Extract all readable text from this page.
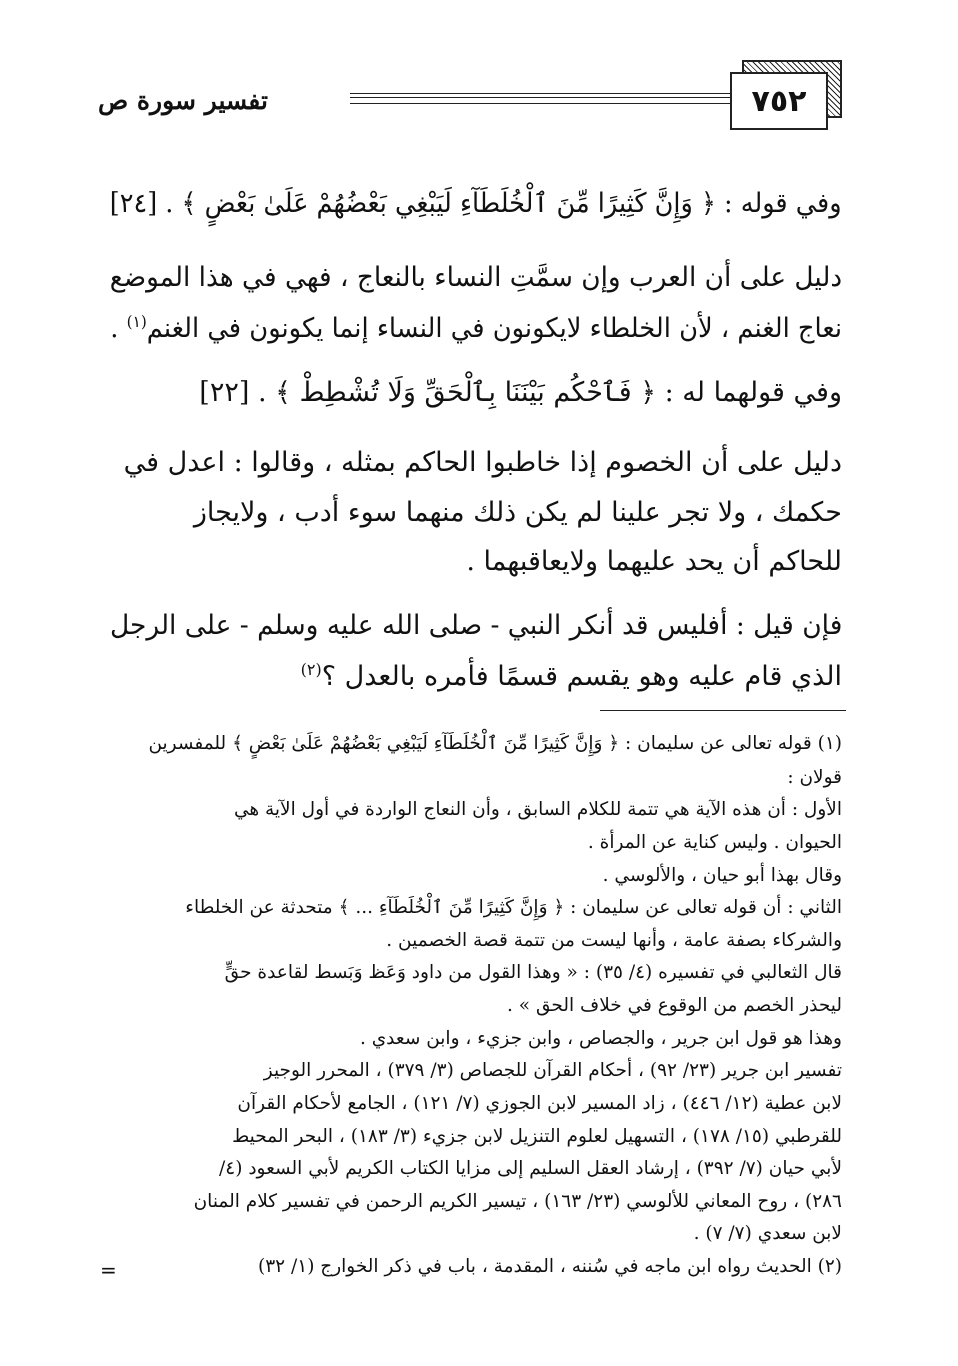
تفسير سورة ص	٧٥٢
وفي قوله : ﴿ وَإِنَّ كَثِيرًا مِّنَ ٱلْخُلَطَآءِ لَيَبْغِي بَعْضُهُمْ عَلَىٰ بَعْضٍ ﴾ . [٢٤]
دليل على أن العرب وإن سمَّتِ النساء بالنعاج ، فهي في هذا الموضع
نعاج الغنم ، لأن الخلطاء لايكونون في النساء إنما يكونون في الغنم$^{(١)}$ .
وفي قولهما له : ﴿ فَٱحْكُم بَيْنَنَا بِٱلْحَقِّ وَلَا تُشْطِطْ ﴾ . [٢٢]
دليل على أن الخصوم إذا خاطبوا الحاكم بمثله ، وقالوا : اعدل في
حكمك ، ولا تجر علينا لم يكن ذلك منهما سوء أدب ، ولايجاز
للحاكم أن يحد عليهما ولايعاقبهما .
فإن قيل : أفليس قد أنكر النبي - صلى الله عليه وسلم - على الرجل
الذي قام عليه وهو يقسم قسمًا فأمره بالعدل ؟$^{(٢)}$
(١) قوله تعالى عن سليمان : ﴿ وَإِنَّ كَثِيرًا مِّنَ ٱلْخُلَطَآءِ لَيَبْغِي بَعْضُهُمْ عَلَىٰ بَعْضٍ ﴾ للمفسرين
قولان :
الأول : أن هذه الآية هي تتمة للكلام السابق ، وأن النعاج الواردة في أول الآية هي
الحيوان . وليس كناية عن المرأة .
وقال بهذا أبو حيان ، والألوسي .
الثاني : أن قوله تعالى عن سليمان : ﴿ وَإِنَّ كَثِيرًا مِّنَ ٱلْخُلَطَآءِ ... ﴾ متحدثة عن الخلطاء
والشركاء بصفة عامة ، وأنها ليست من تتمة قصة الخصمين .
قال الثعالبي في تفسيره (٤/ ٣٥) : « وهذا القول من داود وَعَظ وَبَسط لقاعدة حقٍّ
ليحذر الخصم من الوقوع في خلاف الحق » .
وهذا هو قول ابن جرير ، والجصاص ، وابن جزيء ، وابن سعدي .
تفسير ابن جرير (٢٣/ ٩٢) ، أحكام القرآن للجصاص (٣/ ٣٧٩) ، المحرر الوجيز
لابن عطية (١٢/ ٤٤٦) ، زاد المسير لابن الجوزي (٧/ ١٢١) ، الجامع لأحكام القرآن
للقرطبي (١٥/ ١٧٨) ، التسهيل لعلوم التنزيل لابن جزيء (٣/ ١٨٣) ، البحر المحيط
لأبي حيان (٧/ ٣٩٢) ، إرشاد العقل السليم إلى مزايا الكتاب الكريم لأبي السعود (٤/
٢٨٦) ، روح المعاني للألوسي (٢٣/ ١٦٣) ، تيسير الكريم الرحمن في تفسير كلام المنان
لابن سعدي (٧/ ٧) .
(٢) الحديث رواه ابن ماجه في سُننه ، المقدمة ، باب في ذكر الخوارج (١/ ٣٢)
=
